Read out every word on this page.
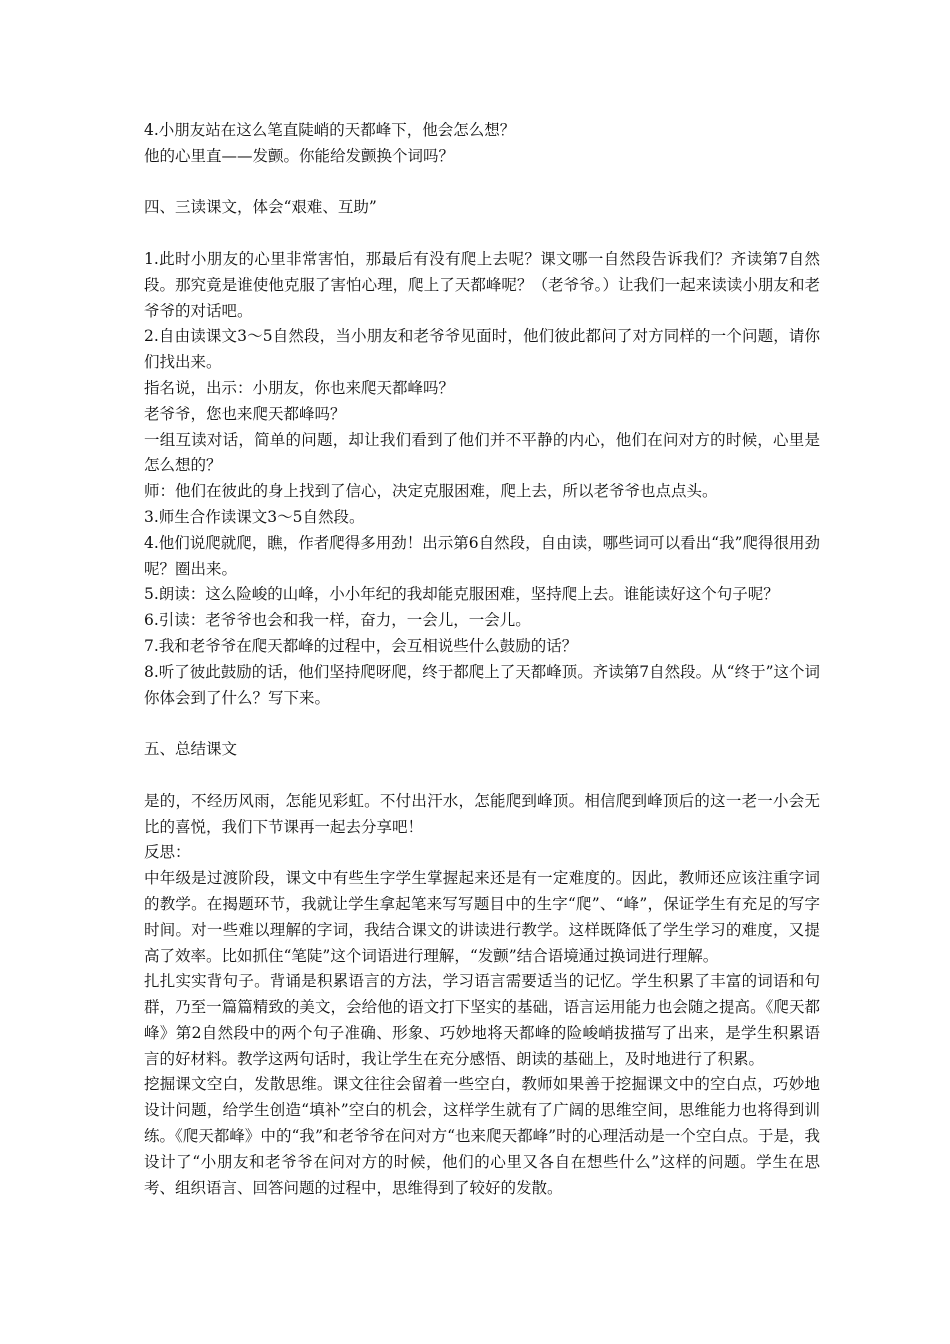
4.小朋友站在这么笔直陡峭的天都峰下，他会怎么想？

他的心里直——发颤。你能给发颤换个词吗？

四、三读课文，体会“艰难、互助”

1.此时小朋友的心里非常害怕，那最后有没有爬上去呢？课文哪一自然段告诉我们？齐读第7自然段。那究竟是谁使他克服了害怕心理，爬上了天都峰呢？（老爷爷。）让我们一起来读读小朋友和老爷爷的对话吧。

2.自由读课文3～5自然段，当小朋友和老爷爷见面时，他们彼此都问了对方同样的一个问题，请你们找出来。

指名说，出示：小朋友，你也来爬天都峰吗？

老爷爷，您也来爬天都峰吗？

一组互读对话，简单的问题，却让我们看到了他们并不平静的内心，他们在问对方的时候，心里是怎么想的？

师：他们在彼此的身上找到了信心，决定克服困难，爬上去，所以老爷爷也点点头。

3.师生合作读课文3～5自然段。

4.他们说爬就爬，瞧，作者爬得多用劲！出示第6自然段，自由读，哪些词可以看出“我”爬得很用劲呢？圈出来。

5.朗读：这么险峻的山峰，小小年纪的我却能克服困难，坚持爬上去。谁能读好这个句子呢？

6.引读：老爷爷也会和我一样，奋力，一会儿，一会儿。

7.我和老爷爷在爬天都峰的过程中，会互相说些什么鼓励的话？

8.听了彼此鼓励的话，他们坚持爬呀爬，终于都爬上了天都峰顶。齐读第7自然段。从“终于”这个词你体会到了什么？写下来。

五、总结课文

是的，不经历风雨，怎能见彩虹。不付出汗水，怎能爬到峰顶。相信爬到峰顶后的这一老一小会无比的喜悦，我们下节课再一起去分享吧！

反思：

中年级是过渡阶段，课文中有些生字学生掌握起来还是有一定难度的。因此，教师还应该注重字词的教学。在揭题环节，我就让学生拿起笔来写写题目中的生字“爬”、“峰”，保证学生有充足的写字时间。对一些难以理解的字词，我结合课文的讲读进行教学。这样既降低了学生学习的难度，又提高了效率。比如抓住“笔陡”这个词语进行理解，“发颤”结合语境通过换词进行理解。

扎扎实实背句子。背诵是积累语言的方法，学习语言需要适当的记忆。学生积累了丰富的词语和句群，乃至一篇篇精致的美文，会给他的语文打下坚实的基础，语言运用能力也会随之提高。《爬天都峰》第2自然段中的两个句子准确、形象、巧妙地将天都峰的险峻峭拔描写了出来，是学生积累语言的好材料。教学这两句话时，我让学生在充分感悟、朗读的基础上，及时地进行了积累。

挖掘课文空白，发散思维。课文往往会留着一些空白，教师如果善于挖掘课文中的空白点，巧妙地设计问题，给学生创造“填补”空白的机会，这样学生就有了广阔的思维空间，思维能力也将得到训练。《爬天都峰》中的“我”和老爷爷在问对方“也来爬天都峰”时的心理活动是一个空白点。于是，我设计了“小朋友和老爷爷在问对方的时候，他们的心里又各自在想些什么”这样的问题。学生在思考、组织语言、回答问题的过程中，思维得到了较好的发散。
